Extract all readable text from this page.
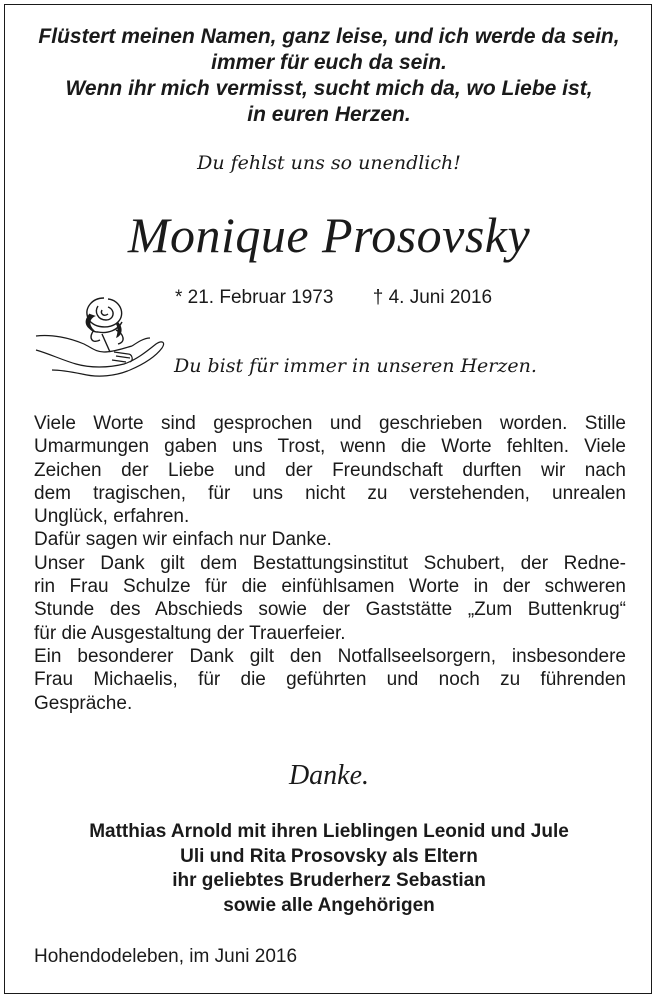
Flüstert meinen Namen, ganz leise, und ich werde da sein,
immer für euch da sein.
Wenn ihr mich vermisst, sucht mich da, wo Liebe ist,
in euren Herzen.
Du fehlst uns so unendlich!
Monique Prosovsky
* 21. Februar 1973 † 4. Juni 2016
Du bist für immer in unseren Herzen.
Viele Worte sind gesprochen und geschrieben worden. Stille
Umarmungen gaben uns Trost, wenn die Worte fehlten. Viele
Zeichen der Liebe und der Freundschaft durften wir nach
dem tragischen, für uns nicht zu verstehenden, unrealen
Unglück, erfahren.
Dafür sagen wir einfach nur Danke.
Unser Dank gilt dem Bestattungsinstitut Schubert, der Redne-
rin Frau Schulze für die einfühlsamen Worte in der schweren
Stunde des Abschieds sowie der Gaststätte „Zum Buttenkrug“
für die Ausgestaltung der Trauerfeier.
Ein besonderer Dank gilt den Notfallseelsorgern, insbesondere
Frau Michaelis, für die geführten und noch zu führenden
Gespräche.
Danke.
Matthias Arnold mit ihren Lieblingen Leonid und Jule
Uli und Rita Prosovsky als Eltern
ihr geliebtes Bruderherz Sebastian
sowie alle Angehörigen
Hohendodeleben, im Juni 2016
